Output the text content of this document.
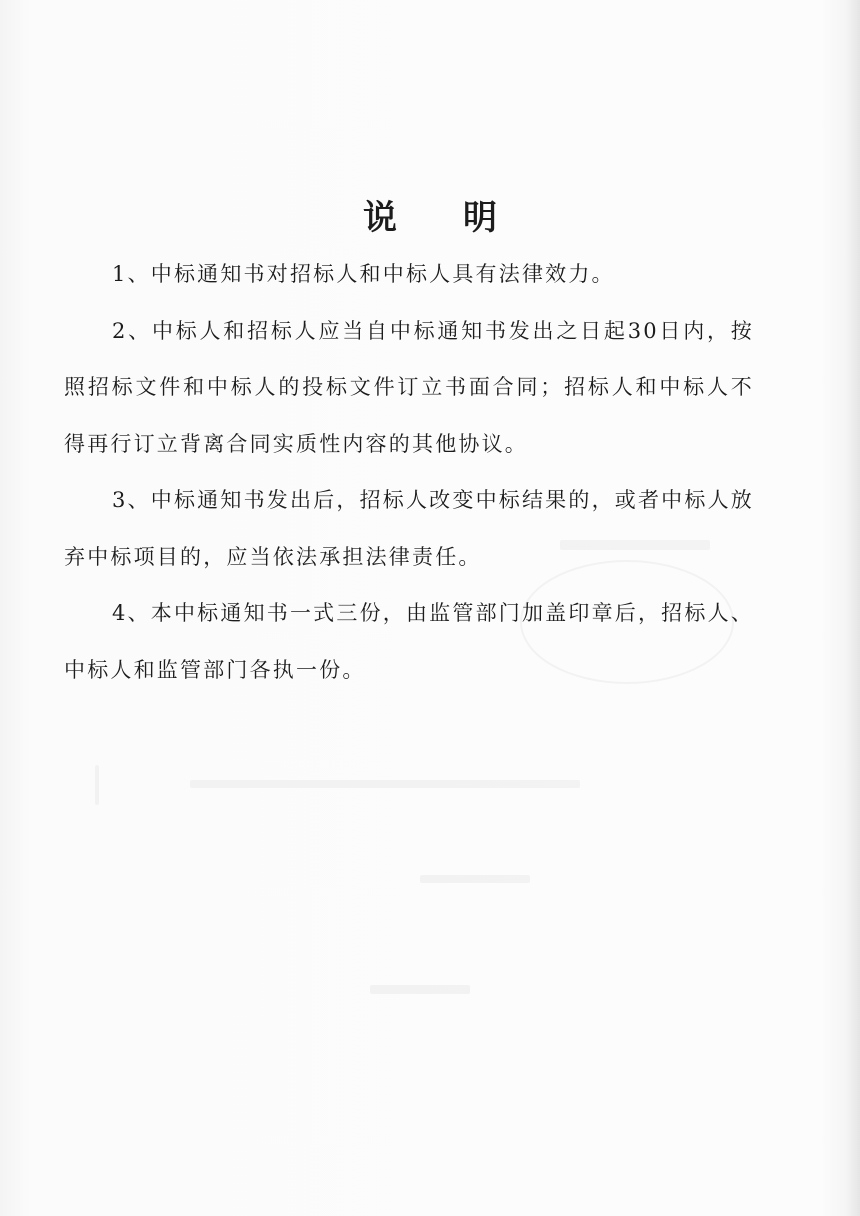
说 明

1、中标通知书对招标人和中标人具有法律效力。

2、中标人和招标人应当自中标通知书发出之日起30日内，按照招标文件和中标人的投标文件订立书面合同；招标人和中标人不得再行订立背离合同实质性内容的其他协议。

3、中标通知书发出后，招标人改变中标结果的，或者中标人放弃中标项目的，应当依法承担法律责任。

4、本中标通知书一式三份，由监管部门加盖印章后，招标人、中标人和监管部门各执一份。
